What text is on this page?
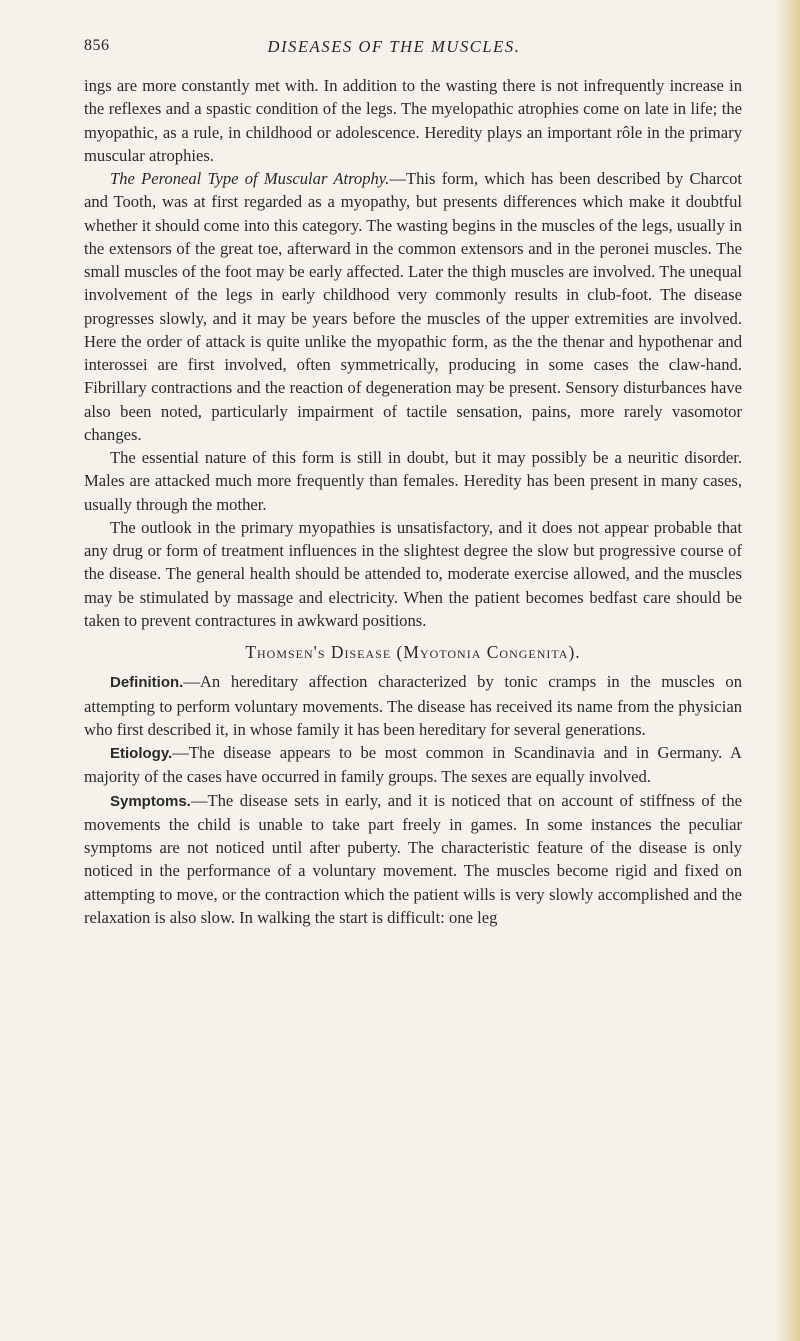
856	DISEASES OF THE MUSCLES.

ings are more constantly met with. In addition to the wasting there is not infrequently increase in the reflexes and a spastic condition of the legs. The myelopathic atrophies come on late in life; the myopathic, as a rule, in childhood or adolescence. Heredity plays an important rôle in the primary muscular atrophies.

The Peroneal Type of Muscular Atrophy.—This form, which has been described by Charcot and Tooth, was at first regarded as a myopathy, but presents differences which make it doubtful whether it should come into this category. The wasting begins in the muscles of the legs, usually in the extensors of the great toe, afterward in the common extensors and in the peronei muscles. The small muscles of the foot may be early affected. Later the thigh muscles are involved. The unequal involvement of the legs in early childhood very commonly results in club-foot. The disease progresses slowly, and it may be years before the muscles of the upper extremities are involved. Here the order of attack is quite unlike the myopathic form, as the the thenar and hypothenar and interossei are first involved, often symmetrically, producing in some cases the claw-hand. Fibrillary contractions and the reaction of degeneration may be present. Sensory disturbances have also been noted, particularly impairment of tactile sensation, pains, more rarely vasomotor changes.

The essential nature of this form is still in doubt, but it may possibly be a neuritic disorder. Males are attacked much more frequently than females. Heredity has been present in many cases, usually through the mother.

The outlook in the primary myopathies is unsatisfactory, and it does not appear probable that any drug or form of treatment influences in the slightest degree the slow but progressive course of the disease. The general health should be attended to, moderate exercise allowed, and the muscles may be stimulated by massage and electricity. When the patient becomes bedfast care should be taken to prevent contractures in awkward positions.

Thomsen's Disease (Myotonia Congenita).

Definition.—An hereditary affection characterized by tonic cramps in the muscles on attempting to perform voluntary movements. The disease has received its name from the physician who first described it, in whose family it has been hereditary for several generations.

Etiology.—The disease appears to be most common in Scandinavia and in Germany. A majority of the cases have occurred in family groups. The sexes are equally involved.

Symptoms.—The disease sets in early, and it is noticed that on account of stiffness of the movements the child is unable to take part freely in games. In some instances the peculiar symptoms are not noticed until after puberty. The characteristic feature of the disease is only noticed in the performance of a voluntary movement. The muscles become rigid and fixed on attempting to move, or the contraction which the patient wills is very slowly accomplished and the relaxation is also slow. In walking the start is difficult: one leg
